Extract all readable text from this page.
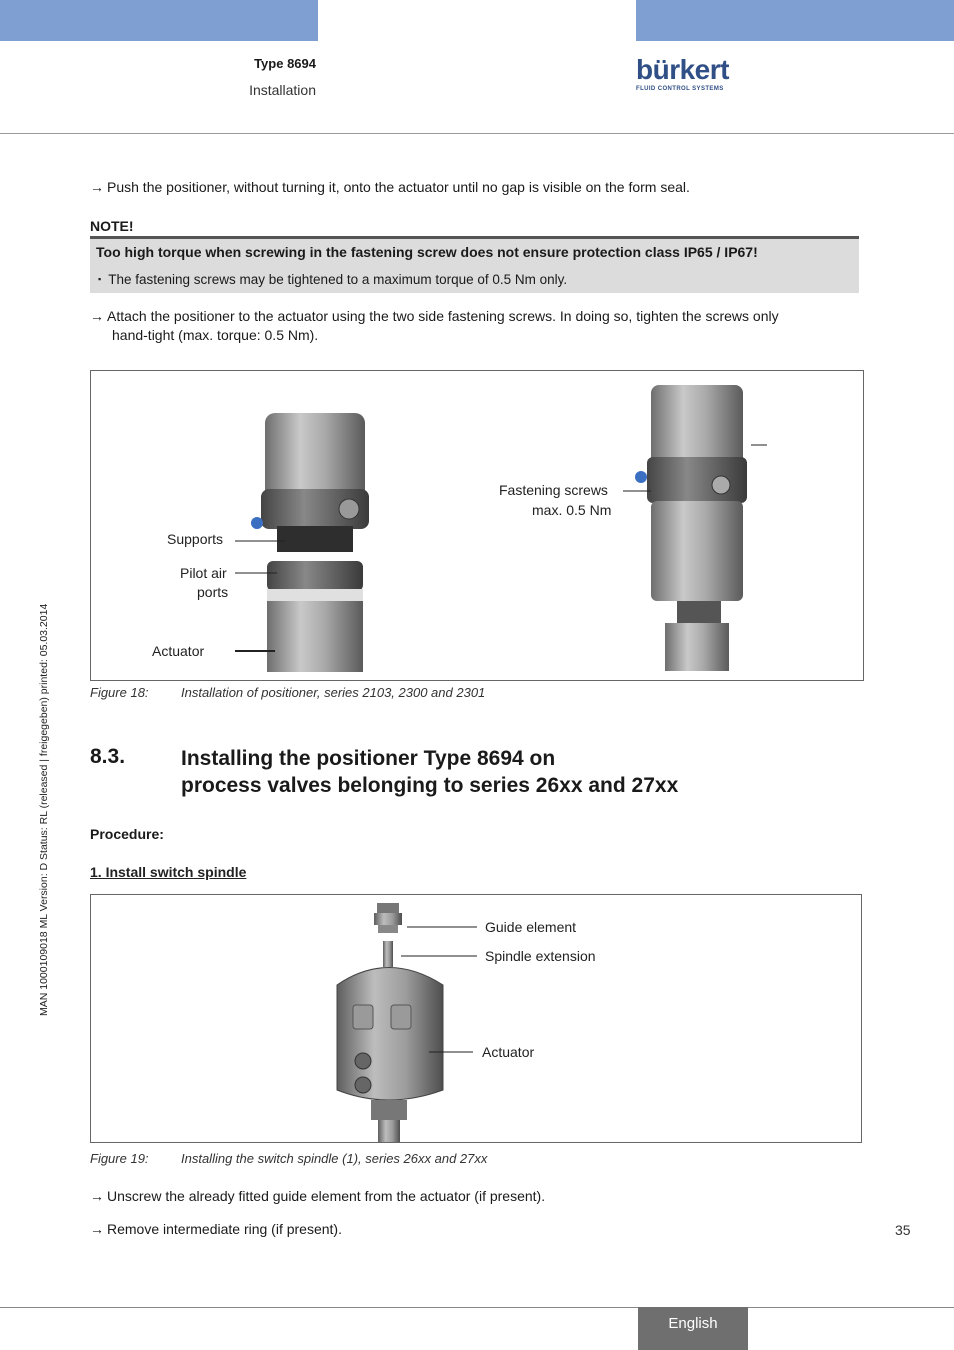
Type 8694
Installation
bürkert
FLUID CONTROL SYSTEMS
MAN 1000109018 ML Version: D Status: RL (released | freigegeben) printed: 05.03.2014
→ Push the positioner, without turning it, onto the actuator until no gap is visible on the form seal.
NOTE!
Too high torque when screwing in the fastening screw does not ensure protection class IP65 / IP67!
▪ The fastening screws may be tightened to a maximum torque of 0.5 Nm only.
→ Attach the positioner to the actuator using the two side fastening screws. In doing so, tighten the screws only
hand-tight (max. torque: 0.5 Nm).
Supports
Pilot air
ports
Actuator
Fastening screws
max. 0.5 Nm
Figure 18: Installation of positioner, series 2103, 2300 and 2301
8.3.	Installing the positioner Type 8694 on
process valves belonging to series 26xx and 27xx
Procedure:
1. Install switch spindle
Guide element
Spindle extension
Actuator
Figure 19: Installing the switch spindle (1), series 26xx and 27xx
→ Unscrew the already fitted guide element from the actuator (if present).
→ Remove intermediate ring (if present).	35
English
